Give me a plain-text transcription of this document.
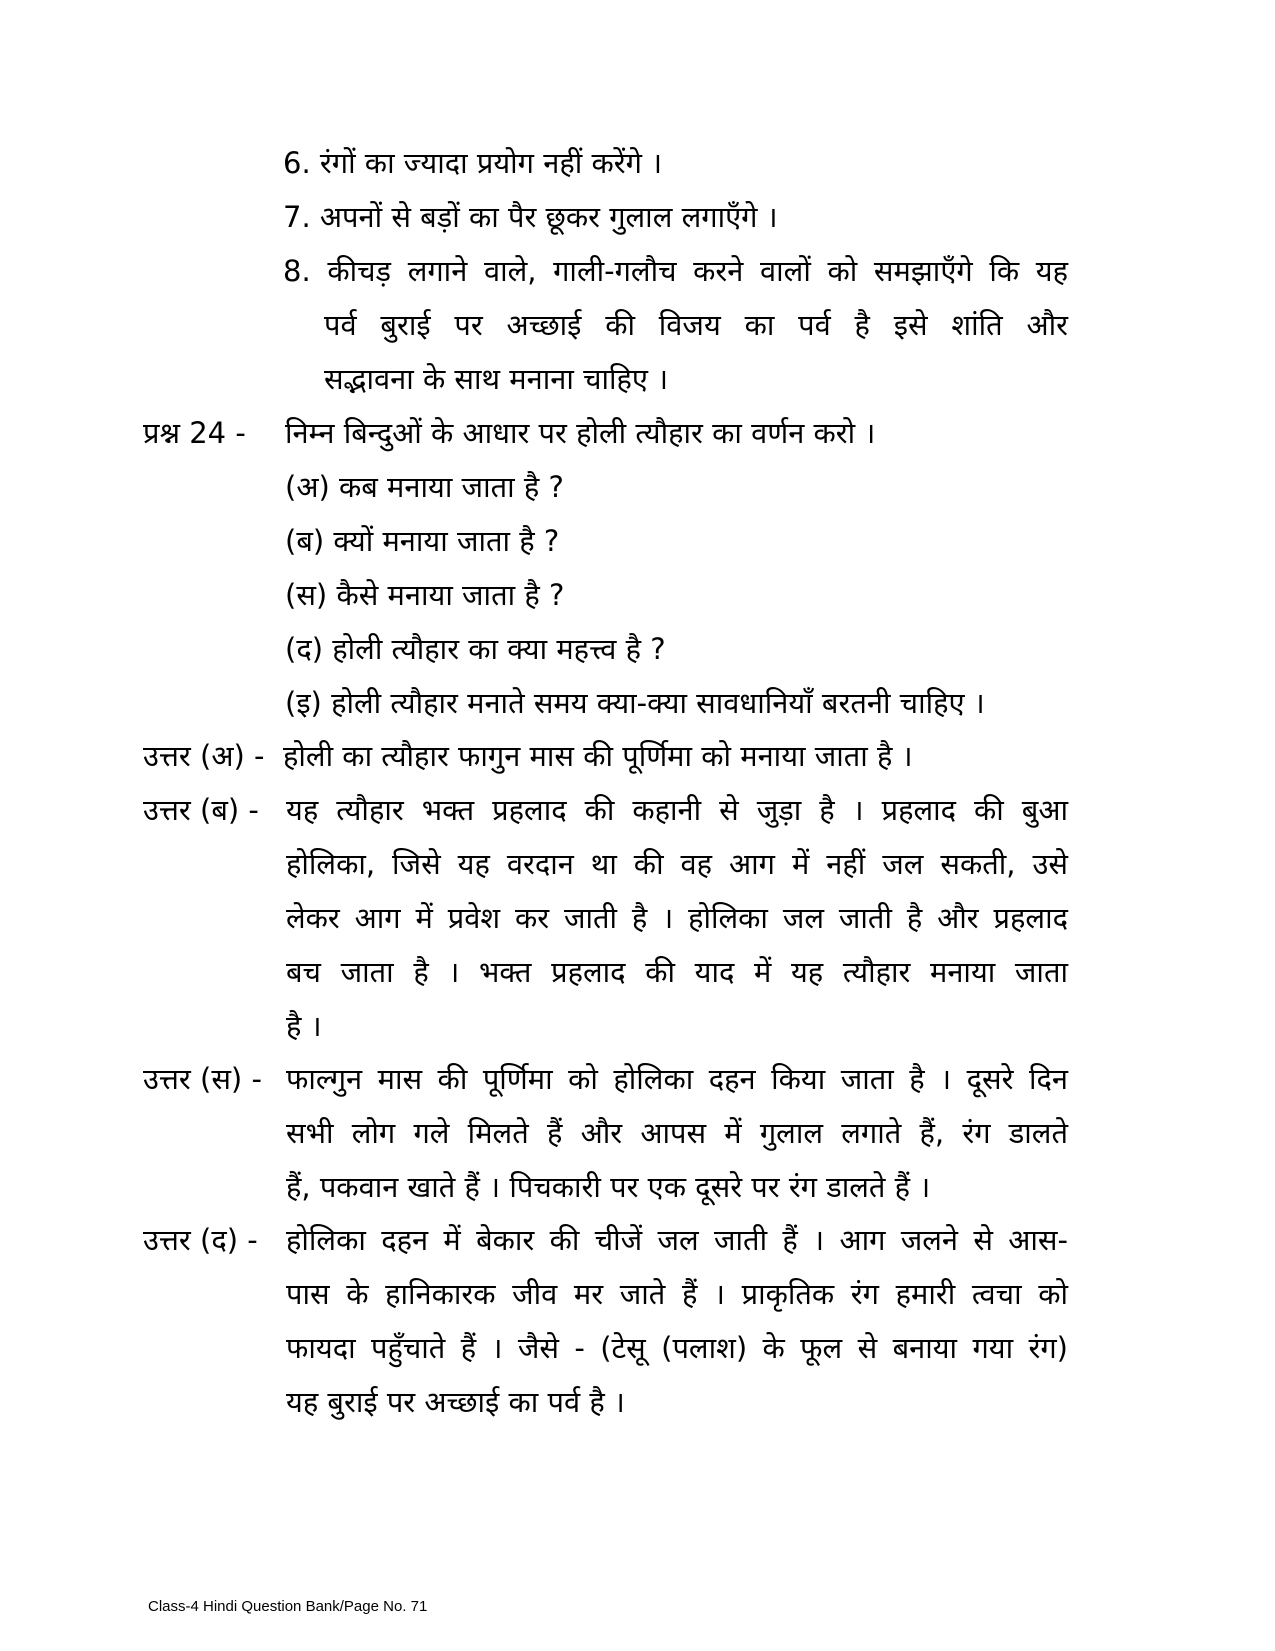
6. रंगों का ज्यादा प्रयोग नहीं करेंगे ।
7. अपनों से बड़ों का पैर छूकर गुलाल लगाएँगे ।
8. कीचड़ लगाने वाले, गाली-गलौच करने वालों को समझाएँगे कि यह
पर्व बुराई पर अच्छाई की विजय का पर्व है इसे शांति और
सद्भावना के साथ मनाना चाहिए ।
प्रश्न 24 - निम्न बिन्दुओं के आधार पर होली त्यौहार का वर्णन करो ।
(अ) कब मनाया जाता है ?
(ब) क्यों मनाया जाता है ?
(स) कैसे मनाया जाता है ?
(द) होली त्यौहार का क्या महत्त्व है ?
(इ) होली त्यौहार मनाते समय क्या-क्या सावधानियाँ बरतनी चाहिए ।
उत्तर (अ) - होली का त्यौहार फागुन मास की पूर्णिमा को मनाया जाता है ।
उत्तर (ब) - यह त्यौहार भक्त प्रहलाद की कहानी से जुड़ा है । प्रहलाद की बुआ
होलिका, जिसे यह वरदान था की वह आग में नहीं जल सकती, उसे
लेकर आग में प्रवेश कर जाती है । होलिका जल जाती है और प्रहलाद
बच जाता है । भक्त प्रहलाद की याद में यह त्यौहार मनाया जाता
है ।
उत्तर (स) - फाल्गुन मास की पूर्णिमा को होलिका दहन किया जाता है । दूसरे दिन
सभी लोग गले मिलते हैं और आपस में गुलाल लगाते हैं, रंग डालते
हैं, पकवान खाते हैं । पिचकारी पर एक दूसरे पर रंग डालते हैं ।
उत्तर (द) - होलिका दहन में बेकार की चीजें जल जाती हैं । आग जलने से आस-
पास के हानिकारक जीव मर जाते हैं । प्राकृतिक रंग हमारी त्वचा को
फायदा पहुँचाते हैं । जैसे - (टेसू (पलाश) के फूल से बनाया गया रंग)
यह बुराई पर अच्छाई का पर्व है ।
Class-4 Hindi Question Bank/Page No. 71
